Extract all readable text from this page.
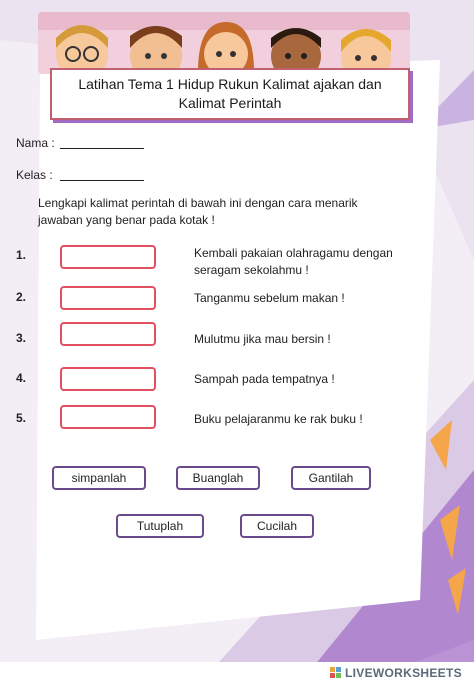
Latihan Tema 1 Hidup Rukun Kalimat ajakan dan
Kalimat Perintah
Nama :
Kelas :
Lengkapi kalimat perintah di bawah ini dengan cara menarik
jawaban yang benar pada kotak !
1.	Kembali pakaian olahragamu dengan
seragam sekolahmu !
2.	Tanganmu sebelum makan !
3.	Mulutmu jika mau bersin !
4.	Sampah pada tempatnya !
5.	Buku pelajaranmu ke rak buku !
simpanlah	Buanglah	Gantilah
Tutuplah	Cucilah
LIVEWORKSHEETS
